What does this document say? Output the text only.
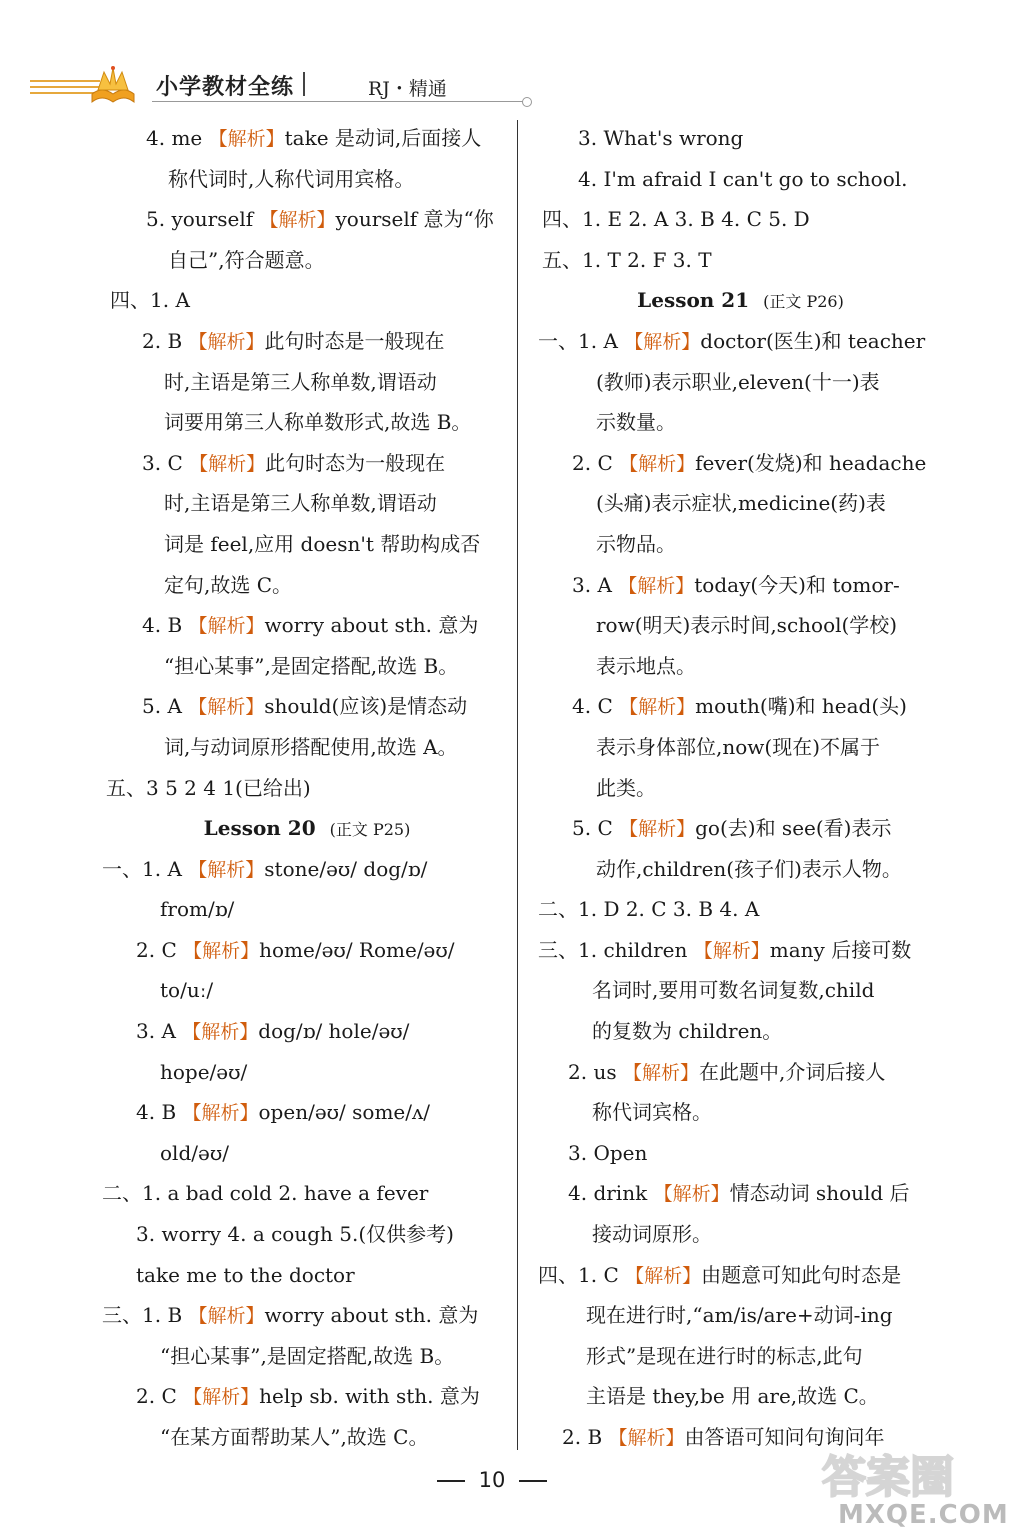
小学教材全练	RJ・精通
4. me 【解析】take 是动词,后面接人
称代词时,人称代词用宾格。
5. yourself 【解析】yourself 意为“你
自己”,符合题意。
四、1. A
2. B 【解析】此句时态是一般现在
时,主语是第三人称单数,谓语动
词要用第三人称单数形式,故选 B。
3. C 【解析】此句时态为一般现在
时,主语是第三人称单数,谓语动
词是 feel,应用 doesn't 帮助构成否
定句,故选 C。
4. B 【解析】worry about sth. 意为
“担心某事”,是固定搭配,故选 B。
5. A 【解析】should(应该)是情态动
词,与动词原形搭配使用,故选 A。
五、3 5 2 4 1(已给出)
Lesson 20 (正文 P25)
一、1. A 【解析】stone/əʊ/ dog/ɒ/
from/ɒ/
2. C 【解析】home/əʊ/ Rome/əʊ/
to/uː/
3. A 【解析】dog/ɒ/ hole/əʊ/
hope/əʊ/
4. B 【解析】open/əʊ/ some/ʌ/
old/əʊ/
二、1. a bad cold 2. have a fever
3. worry 4. a cough 5.(仅供参考)
take me to the doctor
三、1. B 【解析】worry about sth. 意为
“担心某事”,是固定搭配,故选 B。
2. C 【解析】help sb. with sth. 意为
“在某方面帮助某人”,故选 C。
3. What's wrong
4. I'm afraid I can't go to school.
四、1. E 2. A 3. B 4. C 5. D
五、1. T 2. F 3. T
Lesson 21 (正文 P26)
一、1. A 【解析】doctor(医生)和 teacher
(教师)表示职业,eleven(十一)表
示数量。
2. C 【解析】fever(发烧)和 headache
(头痛)表示症状,medicine(药)表
示物品。
3. A 【解析】today(今天)和 tomor-
row(明天)表示时间,school(学校)
表示地点。
4. C 【解析】mouth(嘴)和 head(头)
表示身体部位,now(现在)不属于
此类。
5. C 【解析】go(去)和 see(看)表示
动作,children(孩子们)表示人物。
二、1. D 2. C 3. B 4. A
三、1. children 【解析】many 后接可数
名词时,要用可数名词复数,child
的复数为 children。
2. us 【解析】在此题中,介词后接人
称代词宾格。
3. Open
4. drink 【解析】情态动词 should 后
接动词原形。
四、1. C 【解析】由题意可知此句时态是
现在进行时,“am/is/are+动词-ing
形式”是现在进行时的标志,此句
主语是 they,be 用 are,故选 C。
2. B 【解析】由答语可知问句询问年
10	答案圈
MXQE.COM
